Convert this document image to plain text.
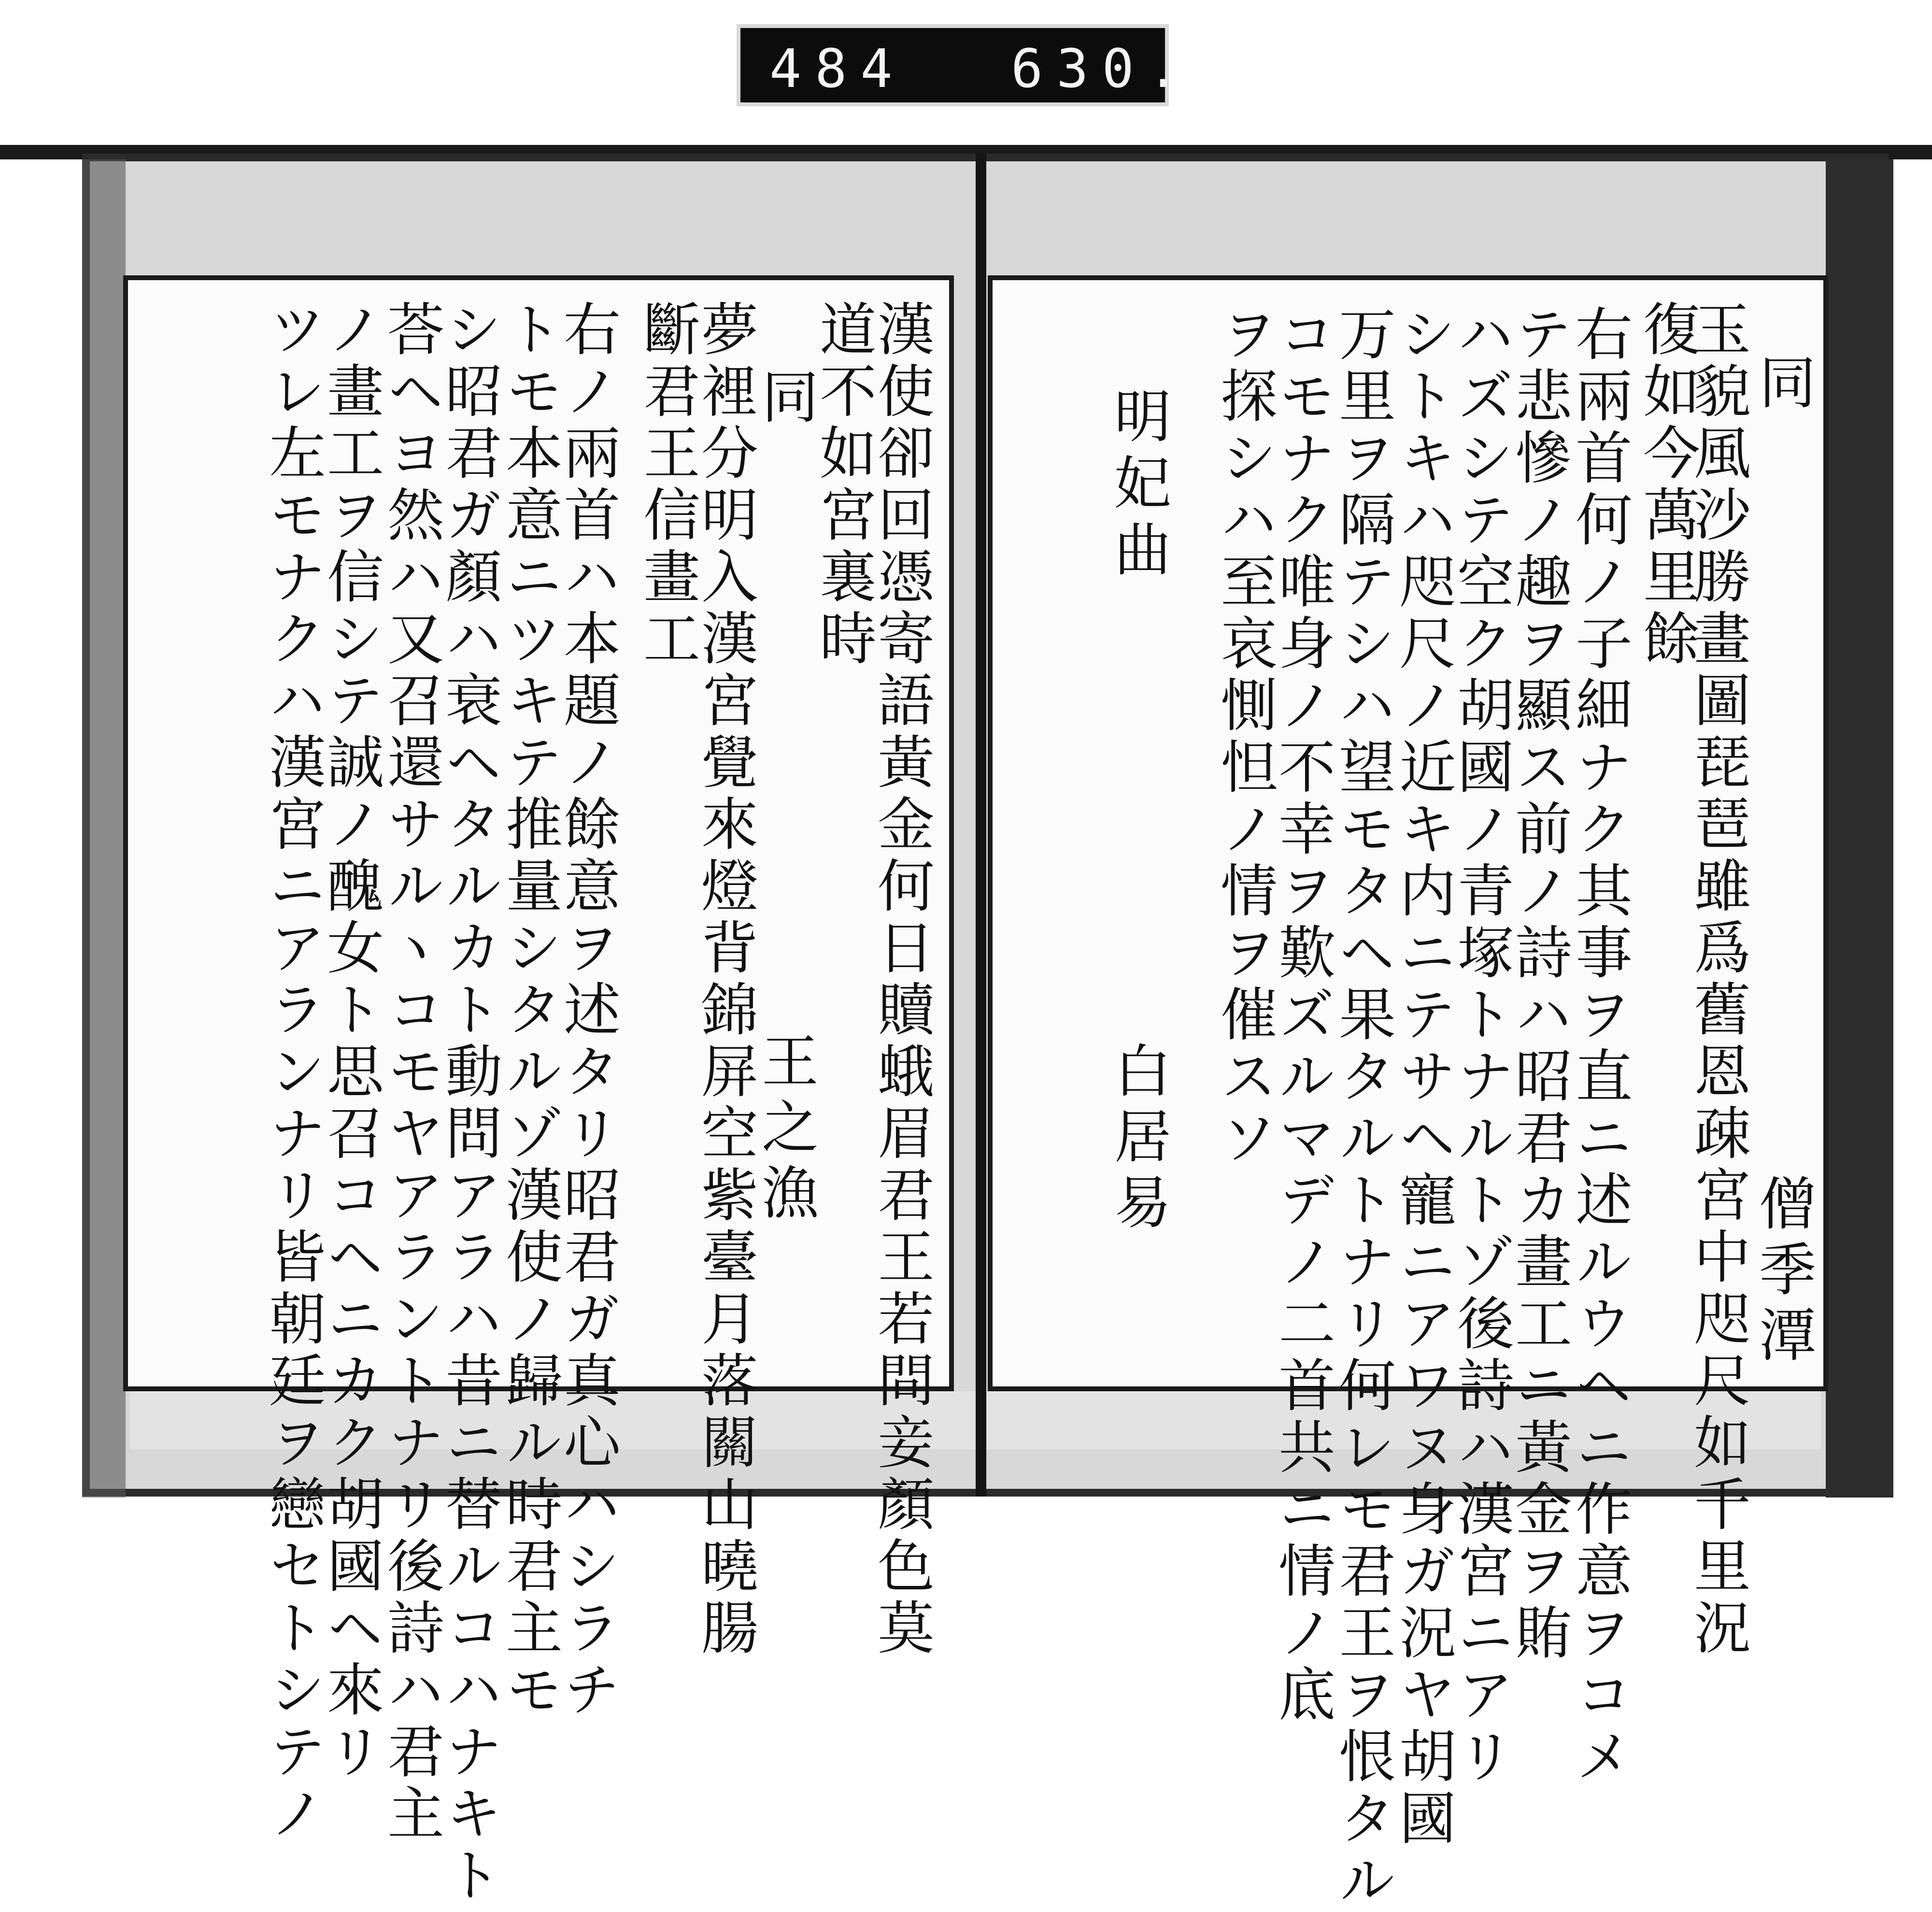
484 630.
同
玉貌風沙勝畫圖琵琶雖爲舊恩疎宮中咫尺如千里況
僧季潭
復如今萬里餘
右兩首何ノ子細ナク其事ヲ直ニ述ルウヘニ作意ヲコメ
テ悲慘ノ趣ヲ顯ス前ノ詩ハ昭君カ畫工ニ黃金ヲ賄
ハズシテ空ク胡國ノ青塚トナルトゾ後詩ハ漢宮ニアリ
シトキハ咫尺ノ近キ内ニテサヘ寵ニアワヌ身ガ況ヤ胡國
万里ヲ隔テシハ望モタヘ果タルトナリ何レモ君王ヲ恨タル
コモナク唯身ノ不幸ヲ歎ズルマデノ二首共ニ情ノ底
ヲ探シハ至哀惻怛ノ情ヲ催スソ
明妃曲
白居易
漢使卻回憑寄語黃金何日贖蛾眉君王若問妾顏色莫
道不如宮裏時
同
王之漁
夢裡分明入漢宮覺來燈背錦屏空紫臺月落關山曉腸
斷君王信畫工
右ノ兩首ハ本題ノ餘意ヲ述タリ昭君ガ真心ハシラチ
トモ本意ニツキテ推量シタルゾ漢使ノ歸ル時君主モ
シ昭君ガ顏ハ衰ヘタルカト動問アラハ昔ニ替ルコハナキト
荅ヘヨ然ハ又召還サルヽコモヤアラントナリ後詩ハ君主
ノ畫工ヲ信シテ誠ノ醜女ト思召コヘニカク胡國ヘ來リ
ツレ左モナクハ漢宮ニアランナリ皆朝廷ヲ戀セトシテノ
